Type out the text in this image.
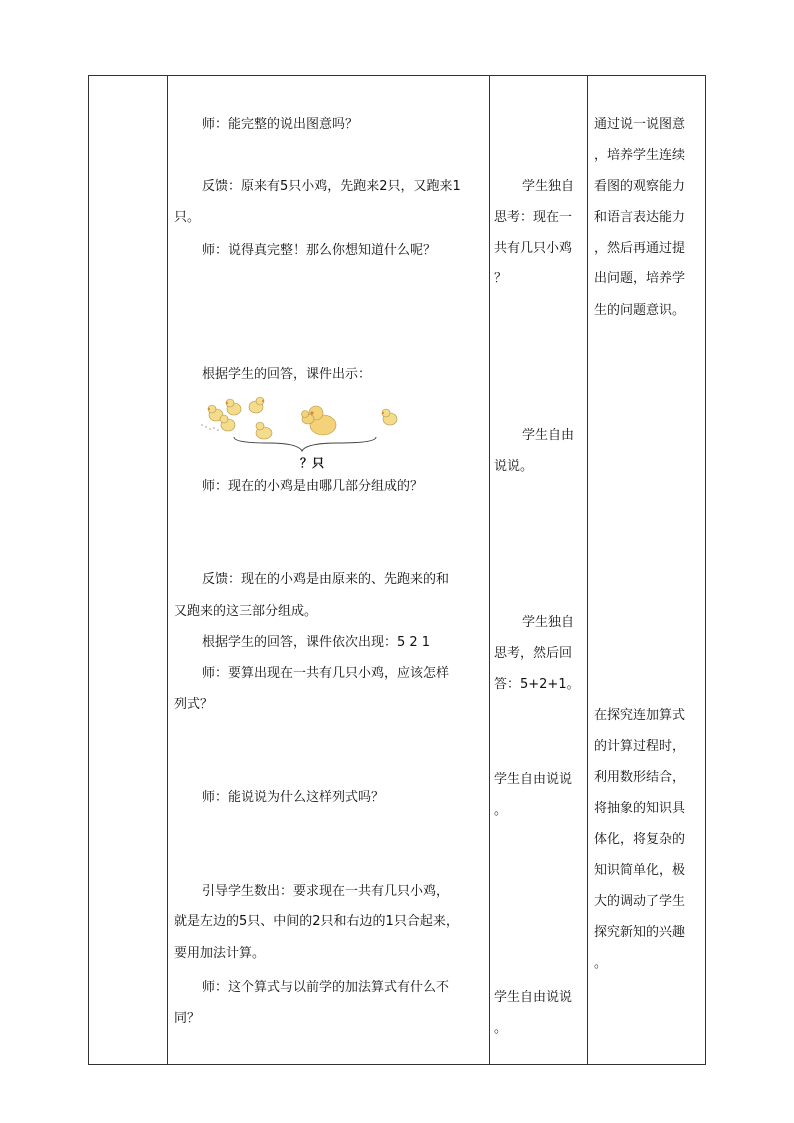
师：能完整的说出图意吗？
反馈：原来有5只小鸡，先跑来2只，又跑来1
只。
师：说得真完整！那么你想知道什么呢？
根据学生的回答，课件出示：
？只
师：现在的小鸡是由哪几部分组成的？
反馈：现在的小鸡是由原来的、先跑来的和
又跑来的这三部分组成。
根据学生的回答，课件依次出现：5 2 1
师：要算出现在一共有几只小鸡，应该怎样
列式？
师：能说说为什么这样列式吗？
引导学生数出：要求现在一共有几只小鸡，
就是左边的5只、中间的2只和右边的1只合起来，
要用加法计算。
师：这个算式与以前学的加法算式有什么不
同？
学生独自
思考：现在一
共有几只小鸡
？
学生自由
说说。
学生独自
思考，然后回
答：5+2+1。
学生自由说说
。
学生自由说说
。
通过说一说图意
，培养学生连续
看图的观察能力
和语言表达能力
，然后再通过提
出问题，培养学
生的问题意识。
在探究连加算式
的计算过程时，
利用数形结合，
将抽象的知识具
体化，将复杂的
知识简单化，极
大的调动了学生
探究新知的兴趣
。
